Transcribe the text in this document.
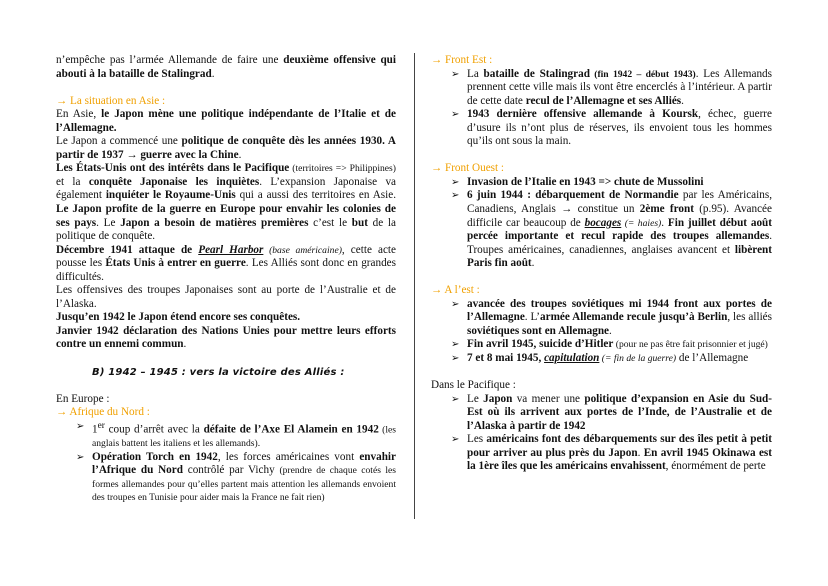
n’empêche pas l’armée Allemande de faire une deuxième offensive qui abouti à la bataille de Stalingrad.

→ La situation en Asie :

En Asie, le Japon mène une politique indépendante de l’Italie et de l’Allemagne.

Le Japon a commencé une politique de conquête dès les années 1930. A partir de 1937 → guerre avec la Chine.

Les États-Unis ont des intérêts dans le Pacifique (territoires => Philippines) et la conquête Japonaise les inquiètes. L’expansion Japonaise va également inquiéter le Royaume-Unis qui a aussi des territoires en Asie. Le Japon profite de la guerre en Europe pour envahir les colonies de ses pays. Le Japon a besoin de matières premières c’est le but de la politique de conquête.

Décembre 1941 attaque de Pearl Harbor (base américaine), cette acte pousse les États Unis à entrer en guerre. Les Alliés sont donc en grandes difficultés.

Les offensives des troupes Japonaises sont au porte de l’Australie et de l’Alaska.

Jusqu’en 1942 le Japon étend encore ses conquêtes.

Janvier 1942 déclaration des Nations Unies pour mettre leurs efforts contre un ennemi commun.

B) 1942 – 1945 : vers la victoire des Alliés :

En Europe :

→ Afrique du Nord :

➢ 1er coup d’arrêt avec la défaite de l’Axe El Alamein en 1942 (les anglais battent les italiens et les allemands).
➢ Opération Torch en 1942, les forces américaines vont envahir l’Afrique du Nord contrôlé par Vichy (prendre de chaque cotés les formes allemandes pour qu’elles partent mais attention les allemands envoient des troupes en Tunisie pour aider mais la France ne fait rien)

→ Front Est :

➢ La bataille de Stalingrad (fin 1942 – début 1943). Les Allemands prennent cette ville mais ils vont être encerclés à l’intérieur. A partir de cette date recul de l’Allemagne et ses Alliés.
➢ 1943 dernière offensive allemande à Koursk, échec, guerre d’usure ils n’ont plus de réserves, ils envoient tous les hommes qu’ils ont sous la main.

→ Front Ouest :

➢ Invasion de l’Italie en 1943 => chute de Mussolini
➢ 6 juin 1944 : débarquement de Normandie par les Américains, Canadiens, Anglais → constitue un 2ème front (p.95). Avancée difficile car beaucoup de bocages (= haies). Fin juillet début août percée importante et recul rapide des troupes allemandes. Troupes américaines, canadiennes, anglaises avancent et libèrent Paris fin août.

→ A l’est :

➢ avancée des troupes soviétiques mi 1944 front aux portes de l’Allemagne. L’armée Allemande recule jusqu’à Berlin, les alliés soviétiques sont en Allemagne.
➢ Fin avril 1945, suicide d’Hitler (pour ne pas être fait prisonnier et jugé)
➢ 7 et 8 mai 1945, capitulation (= fin de la guerre) de l’Allemagne

Dans le Pacifique :

➢ Le Japon va mener une politique d’expansion en Asie du Sud-Est où ils arrivent aux portes de l’Inde, de l’Australie et de l’Alaska à partir de 1942
➢ Les américains font des débarquements sur des îles petit à petit pour arriver au plus près du Japon. En avril 1945 Okinawa est la 1ère îles que les américains envahissent, énormément de perte
